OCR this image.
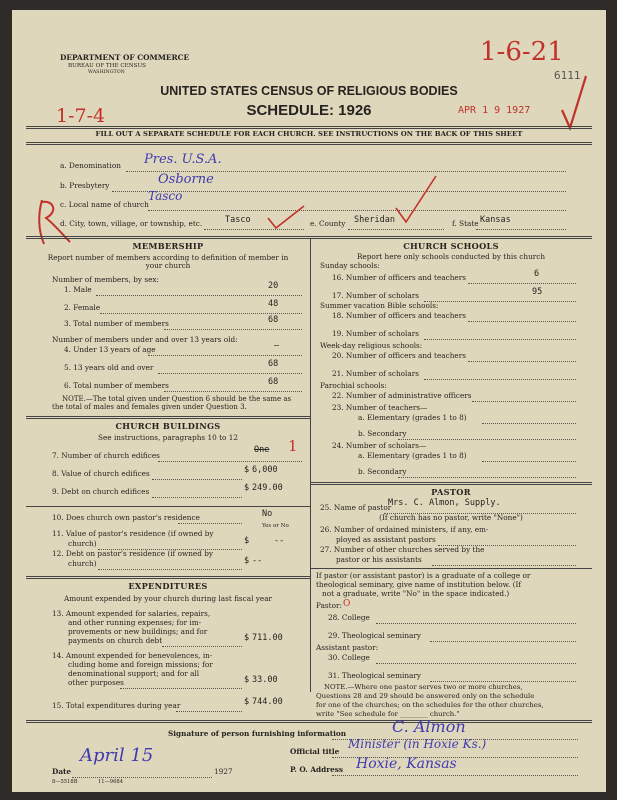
DEPARTMENT OF COMMERCE
BUREAU OF THE CENSUS
WASHINGTON
UNITED STATES CENSUS OF RELIGIOUS BODIES
SCHEDULE: 1926	APR 1 9 1927
1-6-21
6111
1-7-4
FILL OUT A SEPARATE SCHEDULE FOR EACH CHURCH. SEE INSTRUCTIONS ON THE BACK OF THIS SHEET
a. Denomination Pres. U.S.A.
b. Presbytery	Osborne
c. Local name of church
Tasco
d. City, town, village, or township, etc.	Tasco	e. County Sheridan	f. State Kansas
MEMBERSHIP
Report number of members according to definition of member in your church
Number of members, by sex:
1. Male	20
2. Female	48
3. Total number of members	68
Number of members under and over 13 years old:
4. Under 13 years of age	—
5. 13 years old and over	68
6. Total number of members	68
NOTE.—The total given under Question 6 should be the same as the total of males and females given under Question 3.
CHURCH BUILDINGS
See instructions, paragraphs 10 to 12
7. Number of church edifices
One 1
8. Value of church edifices	$ 6,000
9. Debt on church edifices	$ 249.00
10. Does church own pastor's residence	No
Yes or No
11. Value of pastor's residence (if owned by
church)	$	--
12. Debt on pastor's residence (if owned by
church)	$ --
EXPENDITURES
Amount expended by your church during last fiscal year
13. Amount expended for salaries, repairs,
and other running expenses; for im-
provements or new buildings; and for
payments on church debt	$ 711.00
14. Amount expended for benevolences, in-
cluding home and foreign missions; for
denominational support; and for all
other purposes	$ 33.00
15. Total expenditures during year	$ 744.00
CHURCH SCHOOLS
Report here only schools conducted by this church
Sunday schools:
16. Number of officers and teachers	6
17. Number of scholars	95
Summer vacation Bible schools:
18. Number of officers and teachers
19. Number of scholars
Week-day religious schools:
20. Number of officers and teachers
21. Number of scholars
Parochial schools:
22. Number of administrative officers
23. Number of teachers—
a. Elementary (grades 1 to 8)
b. Secondary
24. Number of scholars—
a. Elementary (grades 1 to 8)
b. Secondary
PASTOR
25. Name of pastor
Mrs. C. Almon, Supply.
(If church has no pastor, write "None")
26. Number of ordained ministers, if any, em-
ployed as assistant pastors
27. Number of other churches served by the
pastor or his assistants
If pastor (or assistant pastor) is a graduate of a college or
theological seminary, give name of institution below. (If
not a graduate, write "No" in the space indicated.)
Pastor: O
28. College
29. Theological seminary
Assistant pastor:
30. College
31. Theological seminary
NOTE.—Where one pastor serves two or more churches,
Questions 28 and 29 should be answered only on the schedule
for one of the churches; on the schedules for the other churches,
write "See schedule for ________ church."
Signature of person furnishing information	C. Almon
Official title
Minister (in Hoxie Ks.)
P. O. Address Hoxie, Kansas
Date
April 15
1927
8—5518B	11—9684
